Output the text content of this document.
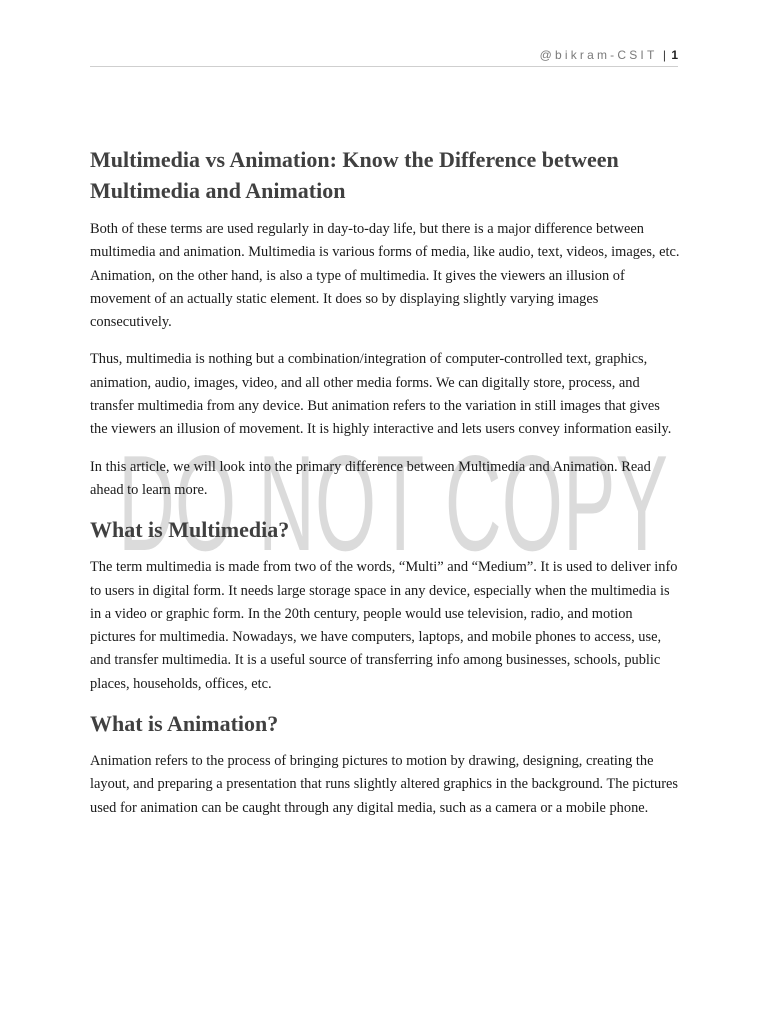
@bikram-CSIT | 1
DO NOT COPY
Multimedia vs Animation: Know the Difference between Multimedia and Animation

Both of these terms are used regularly in day-to-day life, but there is a major difference between multimedia and animation. Multimedia is various forms of media, like audio, text, videos, images, etc. Animation, on the other hand, is also a type of multimedia. It gives the viewers an illusion of movement of an actually static element. It does so by displaying slightly varying images consecutively.

Thus, multimedia is nothing but a combination/integration of computer-controlled text, graphics, animation, audio, images, video, and all other media forms. We can digitally store, process, and transfer multimedia from any device. But animation refers to the variation in still images that gives the viewers an illusion of movement. It is highly interactive and lets users convey information easily.

In this article, we will look into the primary difference between Multimedia and Animation. Read ahead to learn more.

What is Multimedia?

The term multimedia is made from two of the words, “Multi” and “Medium”. It is used to deliver info to users in digital form. It needs large storage space in any device, especially when the multimedia is in a video or graphic form. In the 20th century, people would use television, radio, and motion pictures for multimedia. Nowadays, we have computers, laptops, and mobile phones to access, use, and transfer multimedia. It is a useful source of transferring info among businesses, schools, public places, households, offices, etc.

What is Animation?

Animation refers to the process of bringing pictures to motion by drawing, designing, creating the layout, and preparing a presentation that runs slightly altered graphics in the background. The pictures used for animation can be caught through any digital media, such as a camera or a mobile phone.
